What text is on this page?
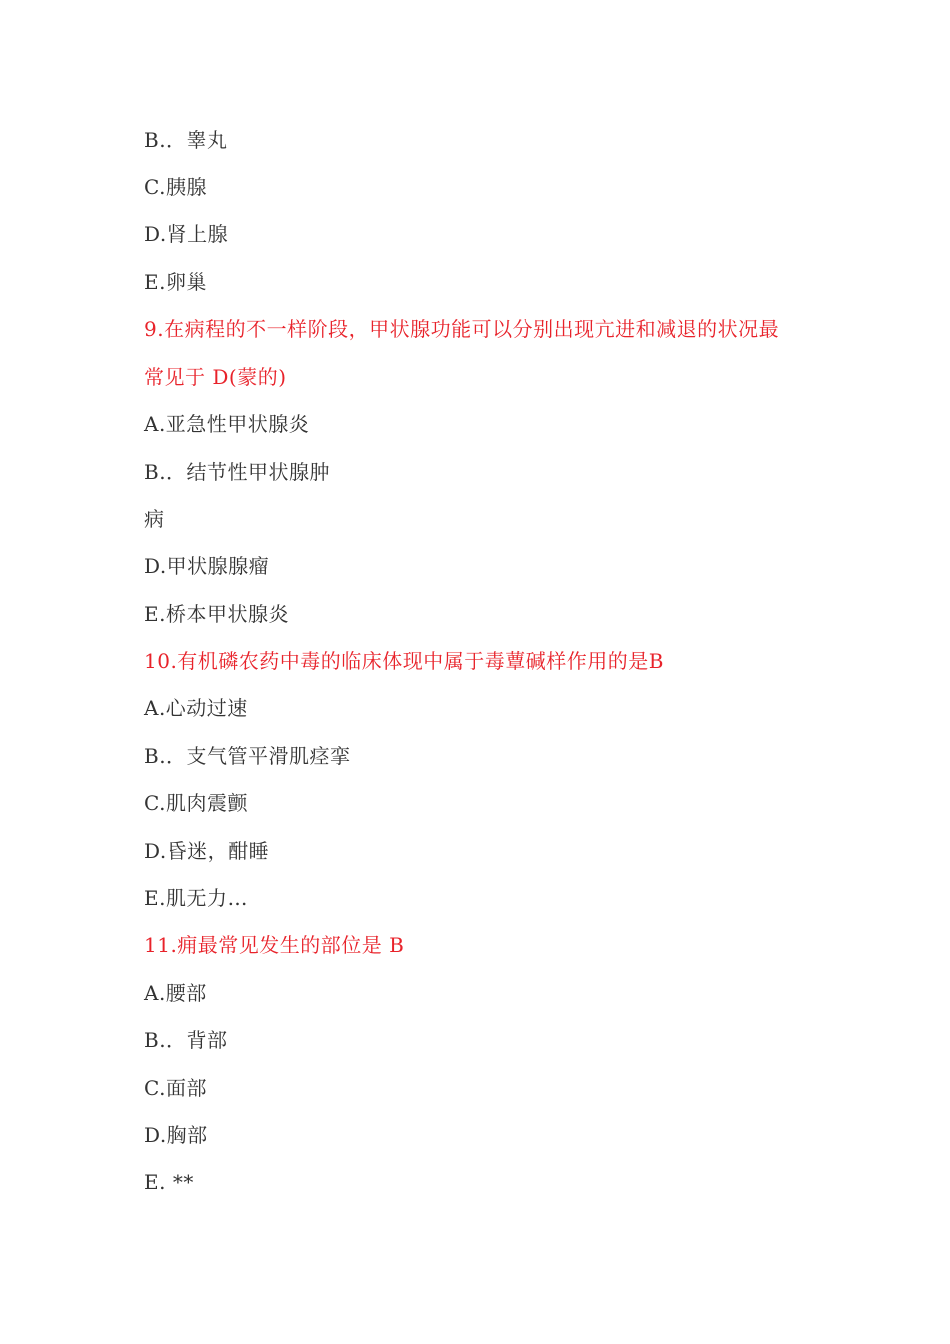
B.．睾丸
C.胰腺
D.肾上腺
E.卵巢
9.在病程的不一样阶段，甲状腺功能可以分别出现亢进和减退的状况最
常见于 D(蒙的)
A.亚急性甲状腺炎
B.．结节性甲状腺肿
病
D.甲状腺腺瘤
E.桥本甲状腺炎
10.有机磷农药中毒的临床体现中属于毒蕈碱样作用的是B
A.心动过速
B.．支气管平滑肌痉挛
C.肌肉震颤
D.昏迷，酣睡
E.肌无力…
11.痈最常见发生的部位是 B
A.腰部
B.．背部
C.面部
D.胸部
E. **
